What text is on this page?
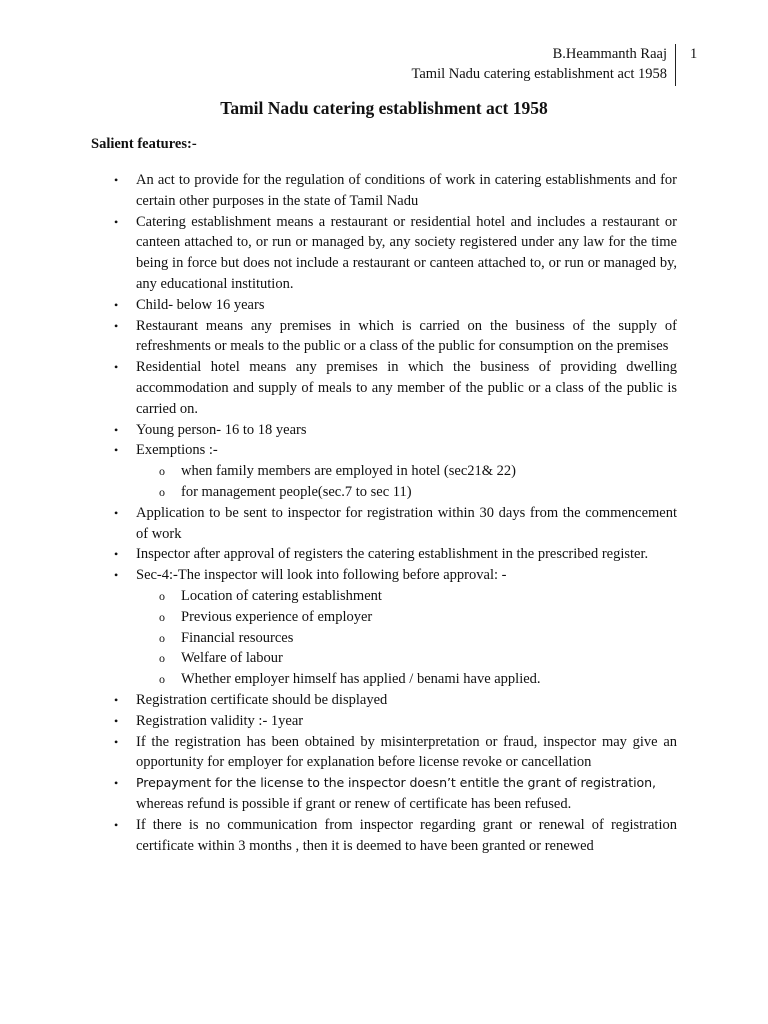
B.Heammanth Raaj
Tamil Nadu catering establishment act 1958
1
Tamil Nadu catering establishment act 1958
Salient features:-
• An act to provide for the regulation of conditions of work in catering establishments and for certain other purposes in the state of Tamil Nadu
• Catering establishment means a restaurant or residential hotel and includes a restaurant or canteen attached to, or run or managed by, any society registered under any law for the time being in force but does not include a restaurant or canteen attached to, or run or managed by, any educational institution.
• Child- below 16 years
• Restaurant means any premises in which is carried on the business of the supply of refreshments or meals to the public or a class of the public for consumption on the premises
• Residential hotel means any premises in which the business of providing dwelling accommodation and supply of meals to any member of the public or a class of the public is carried on.
• Young person- 16 to 18 years
• Exemptions :-
o when family members are employed in hotel (sec21& 22)
o for management people(sec.7 to sec 11)
• Application to be sent to inspector for registration within 30 days from the commencement of work
• Inspector after approval of registers the catering establishment in the prescribed register.
• Sec-4:-The inspector will look into following before approval: -
o Location of catering establishment
o Previous experience of employer
o Financial resources
o Welfare of labour
o Whether employer himself has applied / benami have applied.
• Registration certificate should be displayed
• Registration validity :- 1year
• If the registration has been obtained by misinterpretation or fraud, inspector may give an opportunity for employer for explanation before license revoke or cancellation
• Prepayment for the license to the inspector doesn’t entitle the grant of registration,
whereas refund is possible if grant or renew of certificate has been refused.
• If there is no communication from inspector regarding grant or renewal of registration certificate within 3 months , then it is deemed to have been granted or renewed
